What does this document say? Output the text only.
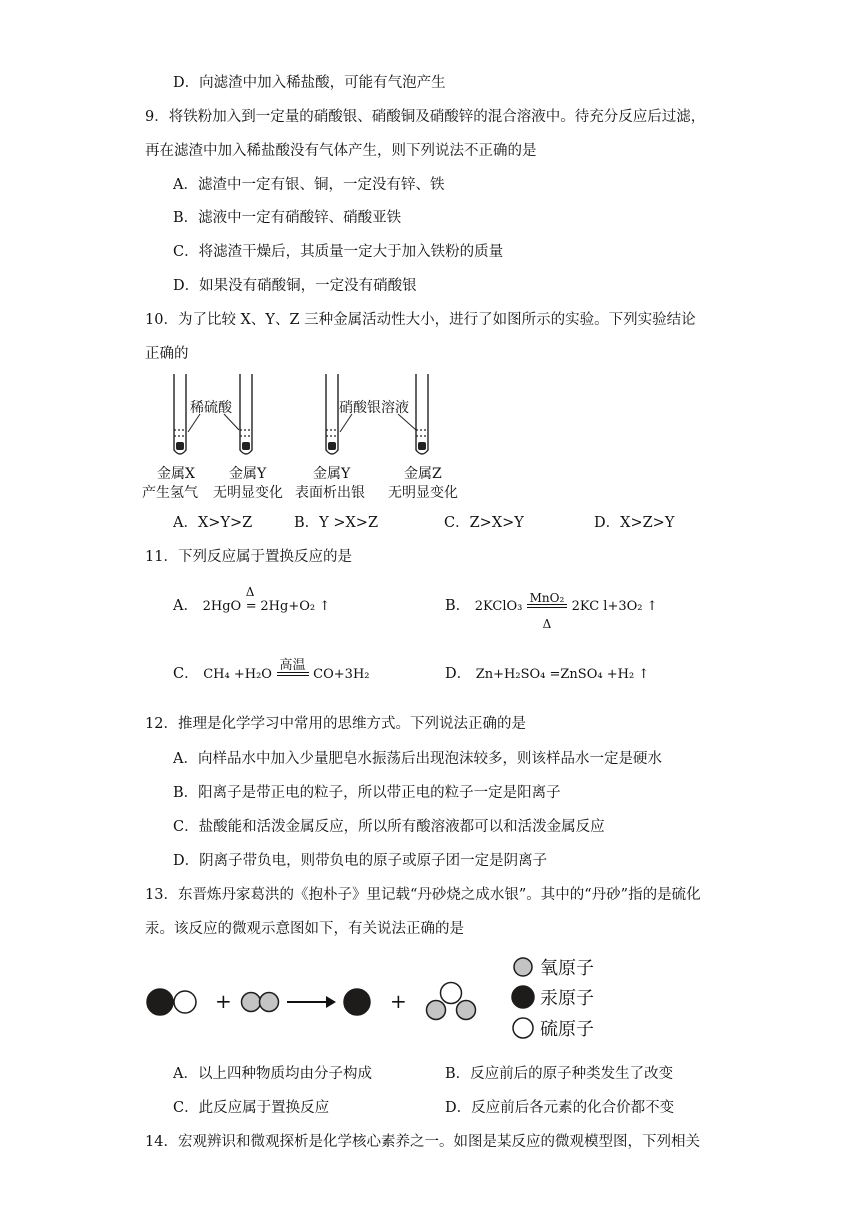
D．向滤渣中加入稀盐酸，可能有气泡产生
9．将铁粉加入到一定量的硝酸银、硝酸铜及硝酸锌的混合溶液中。待充分反应后过滤，
再在滤渣中加入稀盐酸没有气体产生，则下列说法不正确的是
A．滤渣中一定有银、铜，一定没有锌、铁
B．滤液中一定有硝酸锌、硝酸亚铁
C．将滤渣干燥后，其质量一定大于加入铁粉的质量
D．如果没有硝酸铜，一定没有硝酸银
10．为了比较 X、Y、Z 三种金属活动性大小，进行了如图所示的实验。下列实验结论
正确的
稀硫酸	硝酸银溶液
金属X
产生氢气
金属Y
无明显变化
金属Y
表面析出银
金属Z
无明显变化
A．X>Y>Z	B．Y >X>Z	C．Z>X>Y	D．X>Z>Y
11．下列反应属于置换反应的是
A． 2HgO
Δ
= 2Hg+O₂ ↑	B． 2KClO₃
MnO₂
Δ
2KC l+3O₂ ↑
C． CH₄ +H₂O
高温
CO+3H₂	D． Zn+H₂SO₄ =ZnSO₄ +H₂ ↑
12．推理是化学学习中常用的思维方式。下列说法正确的是
A．向样品水中加入少量肥皂水振荡后出现泡沫较多，则该样品水一定是硬水
B．阳离子是带正电的粒子，所以带正电的粒子一定是阳离子
C．盐酸能和活泼金属反应，所以所有酸溶液都可以和活泼金属反应
D．阴离子带负电，则带负电的原子或原子团一定是阴离子
13．东晋炼丹家葛洪的《抱朴子》里记载“丹砂烧之成水银”。其中的“丹砂”指的是硫化
汞。该反应的微观示意图如下，有关说法正确的是
+	+
氧原子
汞原子
硫原子
A．以上四种物质均由分子构成	B．反应前后的原子种类发生了改变
C．此反应属于置换反应	D．反应前后各元素的化合价都不变
14．宏观辨识和微观探析是化学核心素养之一。如图是某反应的微观模型图，下列相关
